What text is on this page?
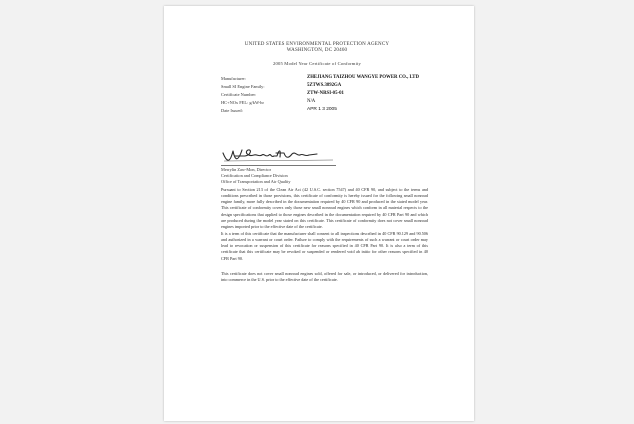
UNITED STATES ENVIRONMENTAL PROTECTION AGENCY
WASHINGTON, DC 20460
2005 Model Year Certificate of Conformity
Manufacturer:	ZHEJIANG TAIZHOU WANGYE POWER CO., LTD
Small SI Engine Family:	5ZTWS.3892GA
Certificate Number:	ZTW-NRSI-05-01
HC+NOx FEL: g/kW-hr	N/A
Date Issued:	APR 1 3 2005
Merrylin Zaw-Mon, Director
Certification and Compliance Division
Office of Transportation and Air Quality
Pursuant to Section 213 of the Clean Air Act (42 U.S.C. section 7547) and 40 CFR 90, and subject to the terms and conditions prescribed in those provisions, this certificate of conformity is hereby issued for the following small nonroad engine family, more fully described in the documentation required by 40 CFR 90 and produced in the stated model year. This certificate of conformity covers only those new small nonroad engines which conform in all material respects to the design specifications that applied to those engines described in the documentation required by 40 CFR Part 90 and which are produced during the model year stated on this certificate. This certificate of conformity does not cover small nonroad engines imported prior to the effective date of the certificate.
It is a term of this certificate that the manufacturer shall consent to all inspections described in 40 CFR 90.129 and 90.506 and authorized in a warrant or court order. Failure to comply with the requirements of such a warrant or court order may lead to revocation or suspension of this certificate for reasons specified in 40 CFR Part 90. It is also a term of this certificate that this certificate may be revoked or suspended or rendered void ab initio for other reasons specified in 40 CFR Part 90.
This certificate does not cover small nonroad engines sold, offered for sale, or introduced, or delivered for introduction, into commerce in the U.S. prior to the effective date of the certificate.
